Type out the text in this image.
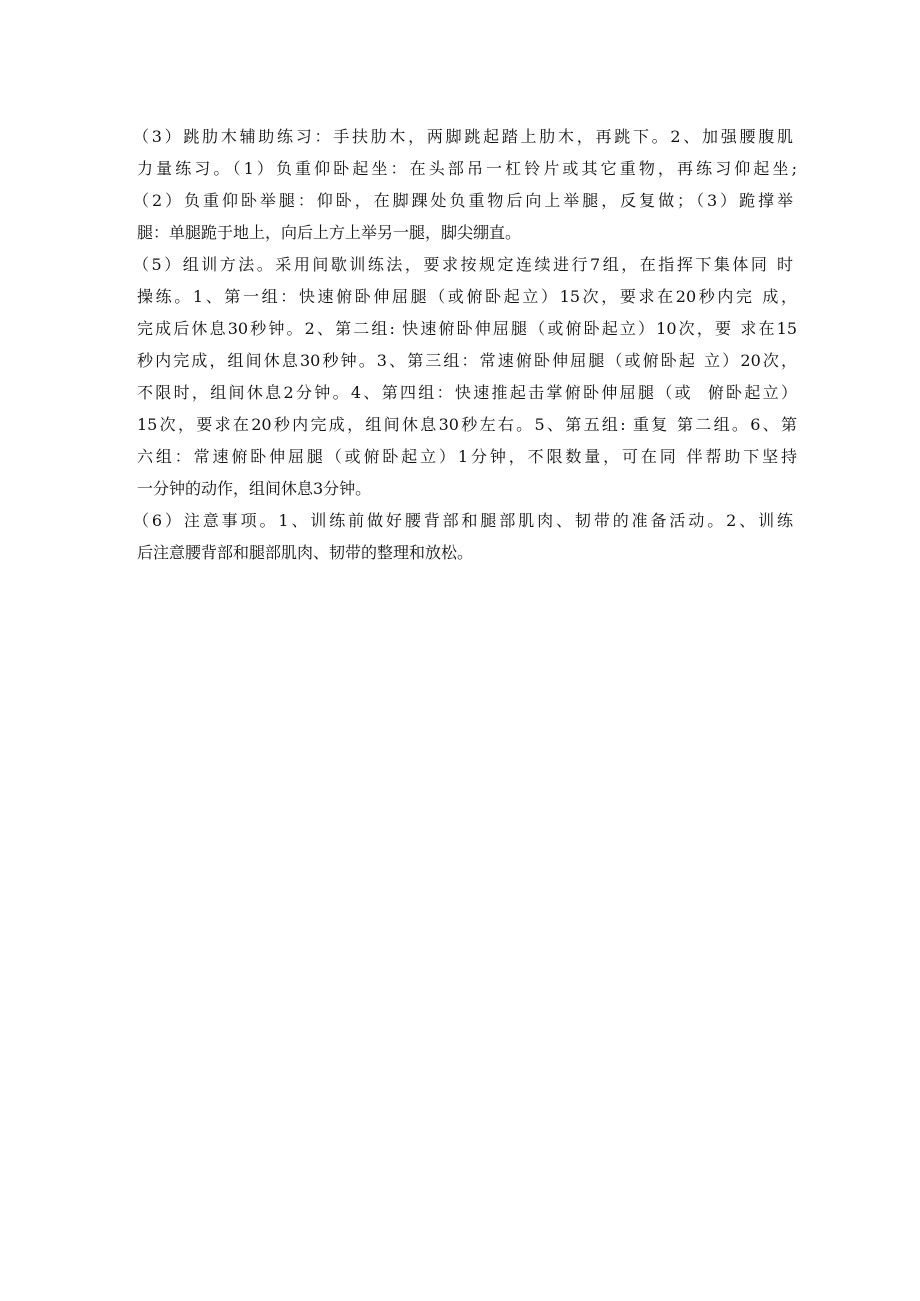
（3）跳肋木辅助练习：手扶肋木，两脚跳起踏上肋木，再跳下。2、加强腰腹肌
力量练习。（1）负重仰卧起坐：在头部吊一杠铃片或其它重物，再练习仰起坐;
（2）负重仰卧举腿：仰卧，在脚踝处负重物后向上举腿，反复做；（3）跪撑举
腿：单腿跪于地上，向后上方上举另一腿，脚尖绷直。
（5）组训方法。采用间歇训练法，要求按规定连续进行7组，在指挥下集体同 时
操练。1、第一组：快速俯卧伸屈腿（或俯卧起立）15次，要求在20秒内完 成，
完成后休息30秒钟。2、第二组: 快速俯卧伸屈腿（或俯卧起立）10次，要 求在15
秒内完成，组间休息30秒钟。3、第三组：常速俯卧伸屈腿（或俯卧起 立）20次，
不限时，组间休息2分钟。4、第四组：快速推起击掌俯卧伸屈腿（或  俯卧起立）
15次，要求在20秒内完成，组间休息30秒左右。5、第五组: 重复 第二组。6、第
六组：常速俯卧伸屈腿（或俯卧起立）1分钟，不限数量，可在同 伴帮助下坚持
一分钟的动作，组间休息3分钟。
（6）注意事项。1、训练前做好腰背部和腿部肌肉、韧带的准备活动。2、训练
后注意腰背部和腿部肌肉、韧带的整理和放松。
